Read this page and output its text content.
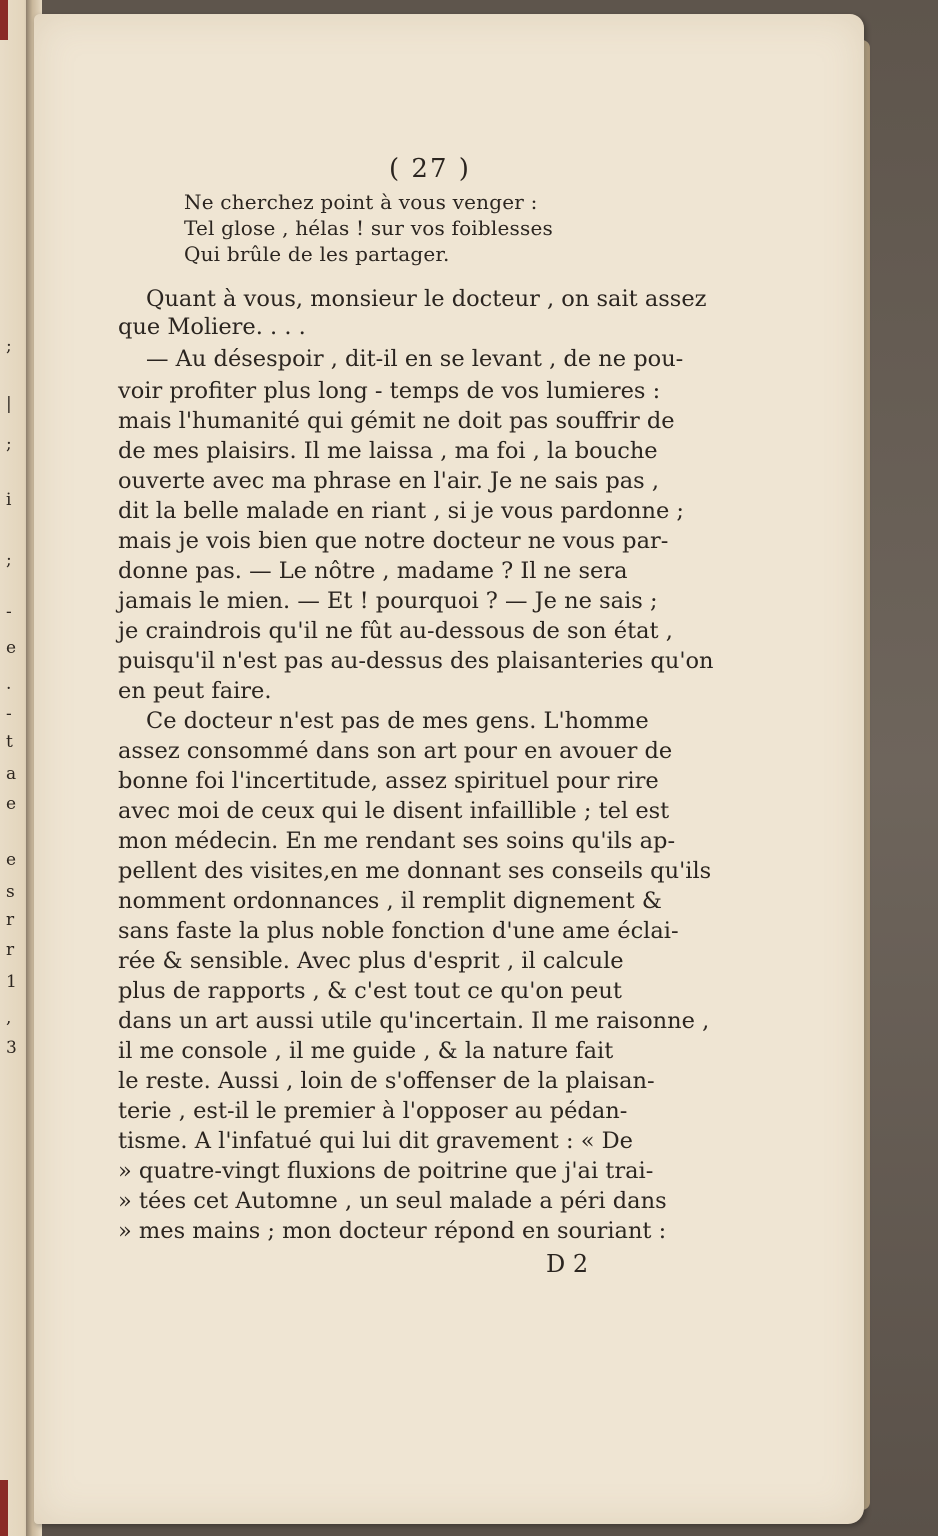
;
|
;
i
;
-
e
.
-
t
a
e
e
s
r
r
1
,
3
( 27 )
Ne cherchez point à vous venger :
Tel glose , hélas ! sur vos foiblesses
Qui brûle de les partager.
Quant à vous, monsieur le docteur , on sait assez
que Moliere. . . .
— Au désespoir , dit-il en se levant , de ne pou-
voir profiter plus long - temps de vos lumieres :
mais l'humanité qui gémit ne doit pas souffrir de
de mes plaisirs. Il me laissa , ma foi , la bouche
ouverte avec ma phrase en l'air. Je ne sais pas ,
dit la belle malade en riant , si je vous pardonne ;
mais je vois bien que notre docteur ne vous par-
donne pas. — Le nôtre , madame ? Il ne sera
jamais le mien. — Et ! pourquoi ? — Je ne sais ;
je craindrois qu'il ne fût au-dessous de son état ,
puisqu'il n'est pas au-dessus des plaisanteries qu'on
en peut faire.
Ce docteur n'est pas de mes gens. L'homme
assez consommé dans son art pour en avouer de
bonne foi l'incertitude, assez spirituel pour rire
avec moi de ceux qui le disent infaillible ; tel est
mon médecin. En me rendant ses soins qu'ils ap-
pellent des visites,en me donnant ses conseils qu'ils
nomment ordonnances , il remplit dignement &
sans faste la plus noble fonction d'une ame éclai-
rée & sensible. Avec plus d'esprit , il calcule
plus de rapports , & c'est tout ce qu'on peut
dans un art aussi utile qu'incertain. Il me raisonne ,
il me console , il me guide , & la nature fait
le reste. Aussi , loin de s'offenser de la plaisan-
terie , est-il le premier à l'opposer au pédan-
tisme. A l'infatué qui lui dit gravement : « De
» quatre-vingt fluxions de poitrine que j'ai trai-
» tées cet Automne , un seul malade a péri dans
» mes mains ; mon docteur répond en souriant :
D 2
